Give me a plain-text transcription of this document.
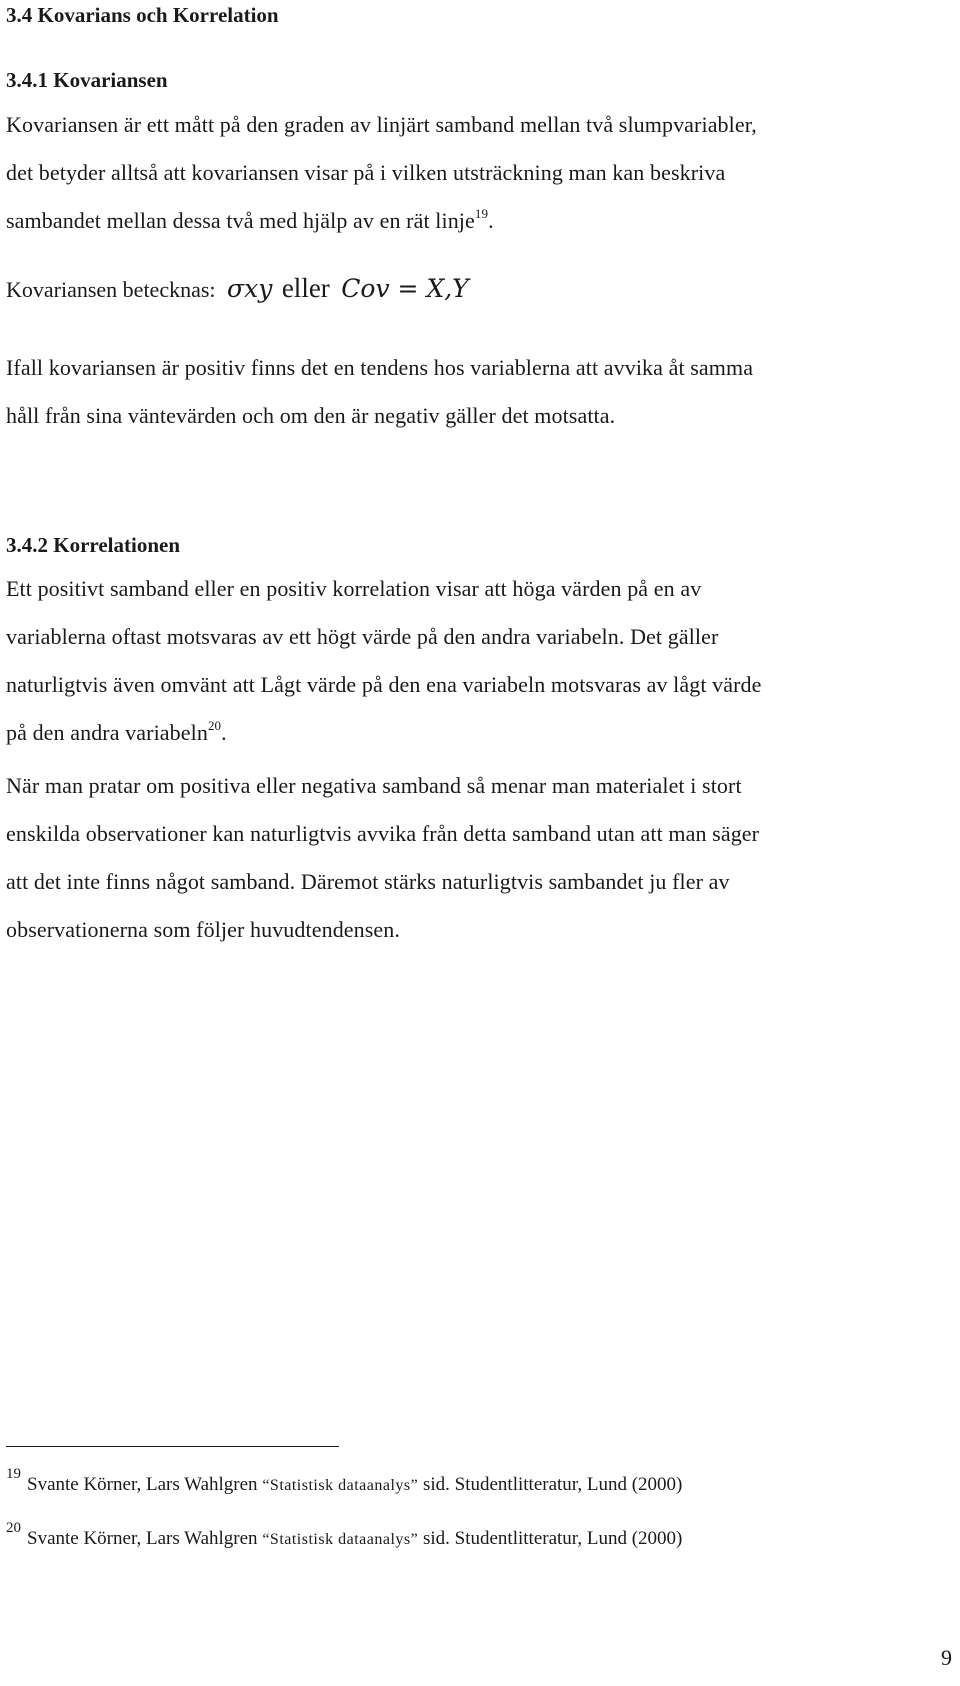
3.4 Kovarians och Korrelation
3.4.1 Kovariansen
Kovariansen är ett mått på den graden av linjärt samband mellan två slumpvariabler,
det betyder alltså att kovariansen visar på i vilken utsträckning man kan beskriva
sambandet mellan dessa två med hjälp av en rät linje$^{19}$.
Kovariansen betecknas: σxy eller Cov = X,Y
Ifall kovariansen är positiv finns det en tendens hos variablerna att avvika åt samma
håll från sina väntevärden och om den är negativ gäller det motsatta.
3.4.2 Korrelationen
Ett positivt samband eller en positiv korrelation visar att höga värden på en av
variablerna oftast motsvaras av ett högt värde på den andra variabeln. Det gäller
naturligtvis även omvänt att Lågt värde på den ena variabeln motsvaras av lågt värde
på den andra variabeln$^{20}$.
När man pratar om positiva eller negativa samband så menar man materialet i stort
enskilda observationer kan naturligtvis avvika från detta samband utan att man säger
att det inte finns något samband. Däremot stärks naturligtvis sambandet ju fler av
observationerna som följer huvudtendensen.
$^{19}$ Svante Körner, Lars Wahlgren “Statistisk dataanalys” sid. Studentlitteratur, Lund (2000)
$^{20}$ Svante Körner, Lars Wahlgren “Statistisk dataanalys” sid. Studentlitteratur, Lund (2000)
9
